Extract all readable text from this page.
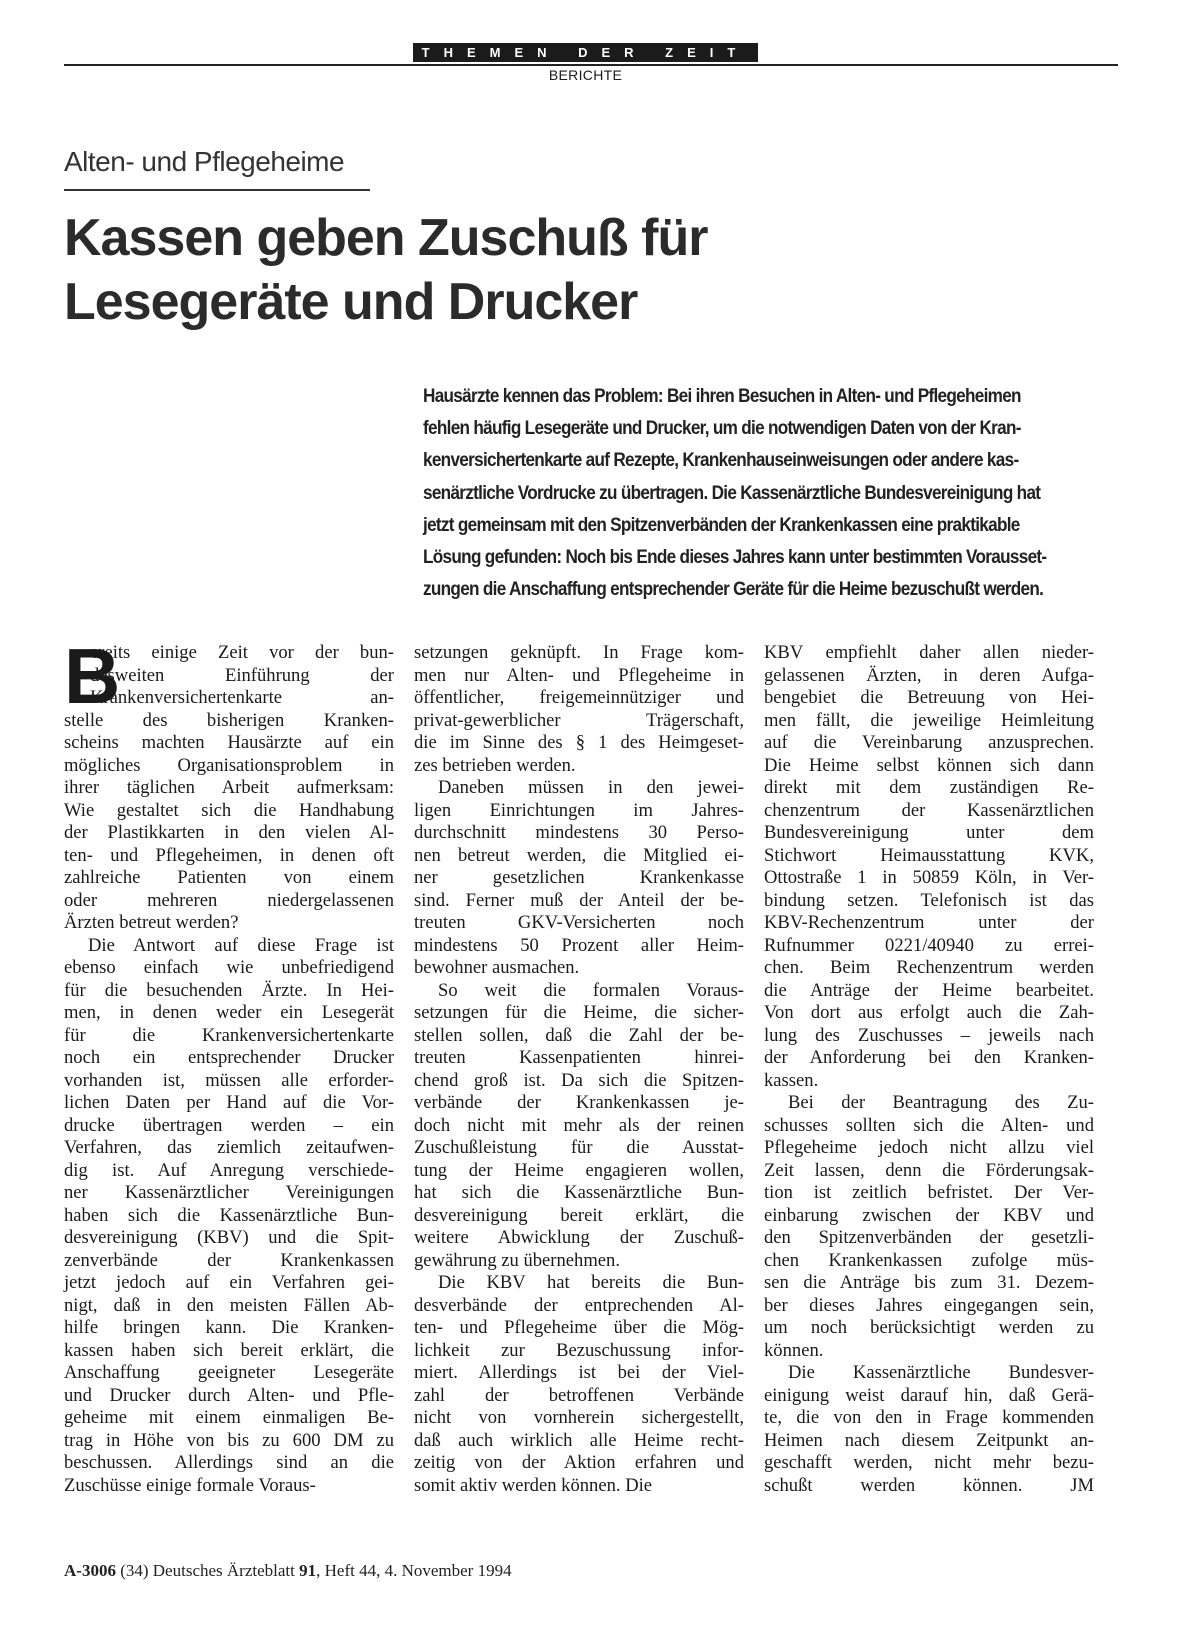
THEMEN DER ZEIT
BERICHTE
Alten- und Pflegeheime
Kassen geben Zuschuß für
Lesegeräte und Drucker
Hausärzte kennen das Problem: Bei ihren Besuchen in Alten- und Pflegeheimen
fehlen häufig Lesegeräte und Drucker, um die notwendigen Daten von der Kran-
kenversichertenkarte auf Rezepte, Krankenhauseinweisungen oder andere kas-
senärztliche Vordrucke zu übertragen. Die Kassenärztliche Bundesvereinigung hat
jetzt gemeinsam mit den Spitzenverbänden der Krankenkassen eine praktikable
Lösung gefunden: Noch bis Ende dieses Jahres kann unter bestimmten Vorausset-
zungen die Anschaffung entsprechender Geräte für die Heime bezuschußt werden.
B
ereits einige Zeit vor der bun-
desweiten Einführung der
Krankenversichertenkarte an-
stelle des bisherigen Kranken-
scheins machten Hausärzte auf ein
mögliches Organisationsproblem in
ihrer täglichen Arbeit aufmerksam:
Wie gestaltet sich die Handhabung
der Plastikkarten in den vielen Al-
ten- und Pflegeheimen, in denen oft
zahlreiche Patienten von einem
oder mehreren niedergelassenen
Ärzten betreut werden?
Die Antwort auf diese Frage ist
ebenso einfach wie unbefriedigend
für die besuchenden Ärzte. In Hei-
men, in denen weder ein Lesegerät
für die Krankenversichertenkarte
noch ein entsprechender Drucker
vorhanden ist, müssen alle erforder-
lichen Daten per Hand auf die Vor-
drucke übertragen werden – ein
Verfahren, das ziemlich zeitaufwen-
dig ist. Auf Anregung verschiede-
ner Kassenärztlicher Vereinigungen
haben sich die Kassenärztliche Bun-
desvereinigung (KBV) und die Spit-
zenverbände der Krankenkassen
jetzt jedoch auf ein Verfahren gei-
nigt, daß in den meisten Fällen Ab-
hilfe bringen kann. Die Kranken-
kassen haben sich bereit erklärt, die
Anschaffung geeigneter Lesegeräte
und Drucker durch Alten- und Pfle-
geheime mit einem einmaligen Be-
trag in Höhe von bis zu 600 DM zu
beschussen. Allerdings sind an die
Zuschüsse einige formale Voraus-
setzungen geknüpft. In Frage kom-
men nur Alten- und Pflegeheime in
öffentlicher, freigemeinnütziger und
privat-gewerblicher Trägerschaft,
die im Sinne des § 1 des Heimgeset-
zes betrieben werden.
Daneben müssen in den jewei-
ligen Einrichtungen im Jahres-
durchschnitt mindestens 30 Perso-
nen betreut werden, die Mitglied ei-
ner gesetzlichen Krankenkasse
sind. Ferner muß der Anteil der be-
treuten GKV-Versicherten noch
mindestens 50 Prozent aller Heim-
bewohner ausmachen.
So weit die formalen Voraus-
setzungen für die Heime, die sicher-
stellen sollen, daß die Zahl der be-
treuten Kassenpatienten hinrei-
chend groß ist. Da sich die Spitzen-
verbände der Krankenkassen je-
doch nicht mit mehr als der reinen
Zuschußleistung für die Ausstat-
tung der Heime engagieren wollen,
hat sich die Kassenärztliche Bun-
desvereinigung bereit erklärt, die
weitere Abwicklung der Zuschuß-
gewährung zu übernehmen.
Die KBV hat bereits die Bun-
desverbände der entprechenden Al-
ten- und Pflegeheime über die Mög-
lichkeit zur Bezuschussung infor-
miert. Allerdings ist bei der Viel-
zahl der betroffenen Verbände
nicht von vornherein sichergestellt,
daß auch wirklich alle Heime recht-
zeitig von der Aktion erfahren und
somit aktiv werden können. Die
KBV empfiehlt daher allen nieder-
gelassenen Ärzten, in deren Aufga-
bengebiet die Betreuung von Hei-
men fällt, die jeweilige Heimleitung
auf die Vereinbarung anzusprechen.
Die Heime selbst können sich dann
direkt mit dem zuständigen Re-
chenzentrum der Kassenärztlichen
Bundesvereinigung unter dem
Stichwort Heimausstattung KVK,
Ottostraße 1 in 50859 Köln, in Ver-
bindung setzen. Telefonisch ist das
KBV-Rechenzentrum unter der
Rufnummer 0221/40940 zu errei-
chen. Beim Rechenzentrum werden
die Anträge der Heime bearbeitet.
Von dort aus erfolgt auch die Zah-
lung des Zuschusses – jeweils nach
der Anforderung bei den Kranken-
kassen.
Bei der Beantragung des Zu-
schusses sollten sich die Alten- und
Pflegeheime jedoch nicht allzu viel
Zeit lassen, denn die Förderungsak-
tion ist zeitlich befristet. Der Ver-
einbarung zwischen der KBV und
den Spitzenverbänden der gesetzli-
chen Krankenkassen zufolge müs-
sen die Anträge bis zum 31. Dezem-
ber dieses Jahres eingegangen sein,
um noch berücksichtigt werden zu
können.
Die Kassenärztliche Bundesver-
einigung weist darauf hin, daß Gerä-
te, die von den in Frage kommenden
Heimen nach diesem Zeitpunkt an-
geschafft werden, nicht mehr bezu-
schußt werden können. JM
A-3006 (34) Deutsches Ärzteblatt 91, Heft 44, 4. November 1994
